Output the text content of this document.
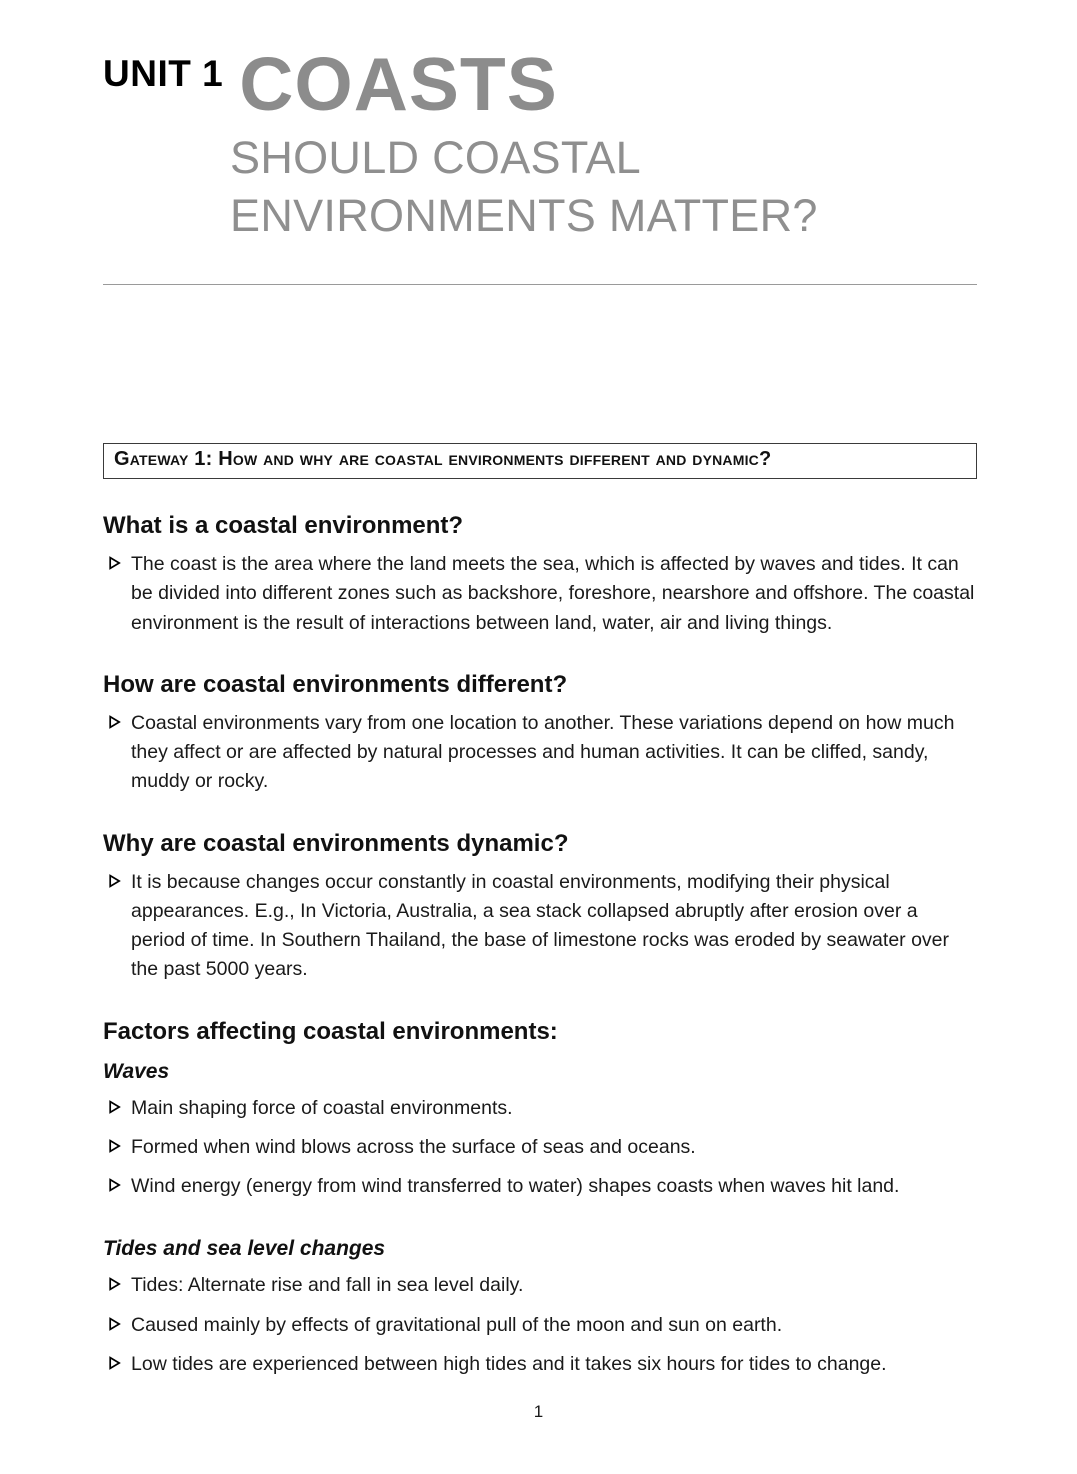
UNIT 1 COASTS
SHOULD COASTAL
ENVIRONMENTS MATTER?
Gateway 1: How and why are coastal environments different and dynamic?
What is a coastal environment?
The coast is the area where the land meets the sea, which is affected by waves and tides. It can be divided into different zones such as backshore, foreshore, nearshore and offshore. The coastal environment is the result of interactions between land, water, air and living things.
How are coastal environments different?
Coastal environments vary from one location to another. These variations depend on how much they affect or are affected by natural processes and human activities. It can be cliffed, sandy, muddy or rocky.
Why are coastal environments dynamic?
It is because changes occur constantly in coastal environments, modifying their physical appearances. E.g., In Victoria, Australia, a sea stack collapsed abruptly after erosion over a period of time. In Southern Thailand, the base of limestone rocks was eroded by seawater over the past 5000 years.
Factors affecting coastal environments:
Waves
Main shaping force of coastal environments.
Formed when wind blows across the surface of seas and oceans.
Wind energy (energy from wind transferred to water) shapes coasts when waves hit land.
Tides and sea level changes
Tides: Alternate rise and fall in sea level daily.
Caused mainly by effects of gravitational pull of the moon and sun on earth.
Low tides are experienced between high tides and it takes six hours for tides to change.
1
